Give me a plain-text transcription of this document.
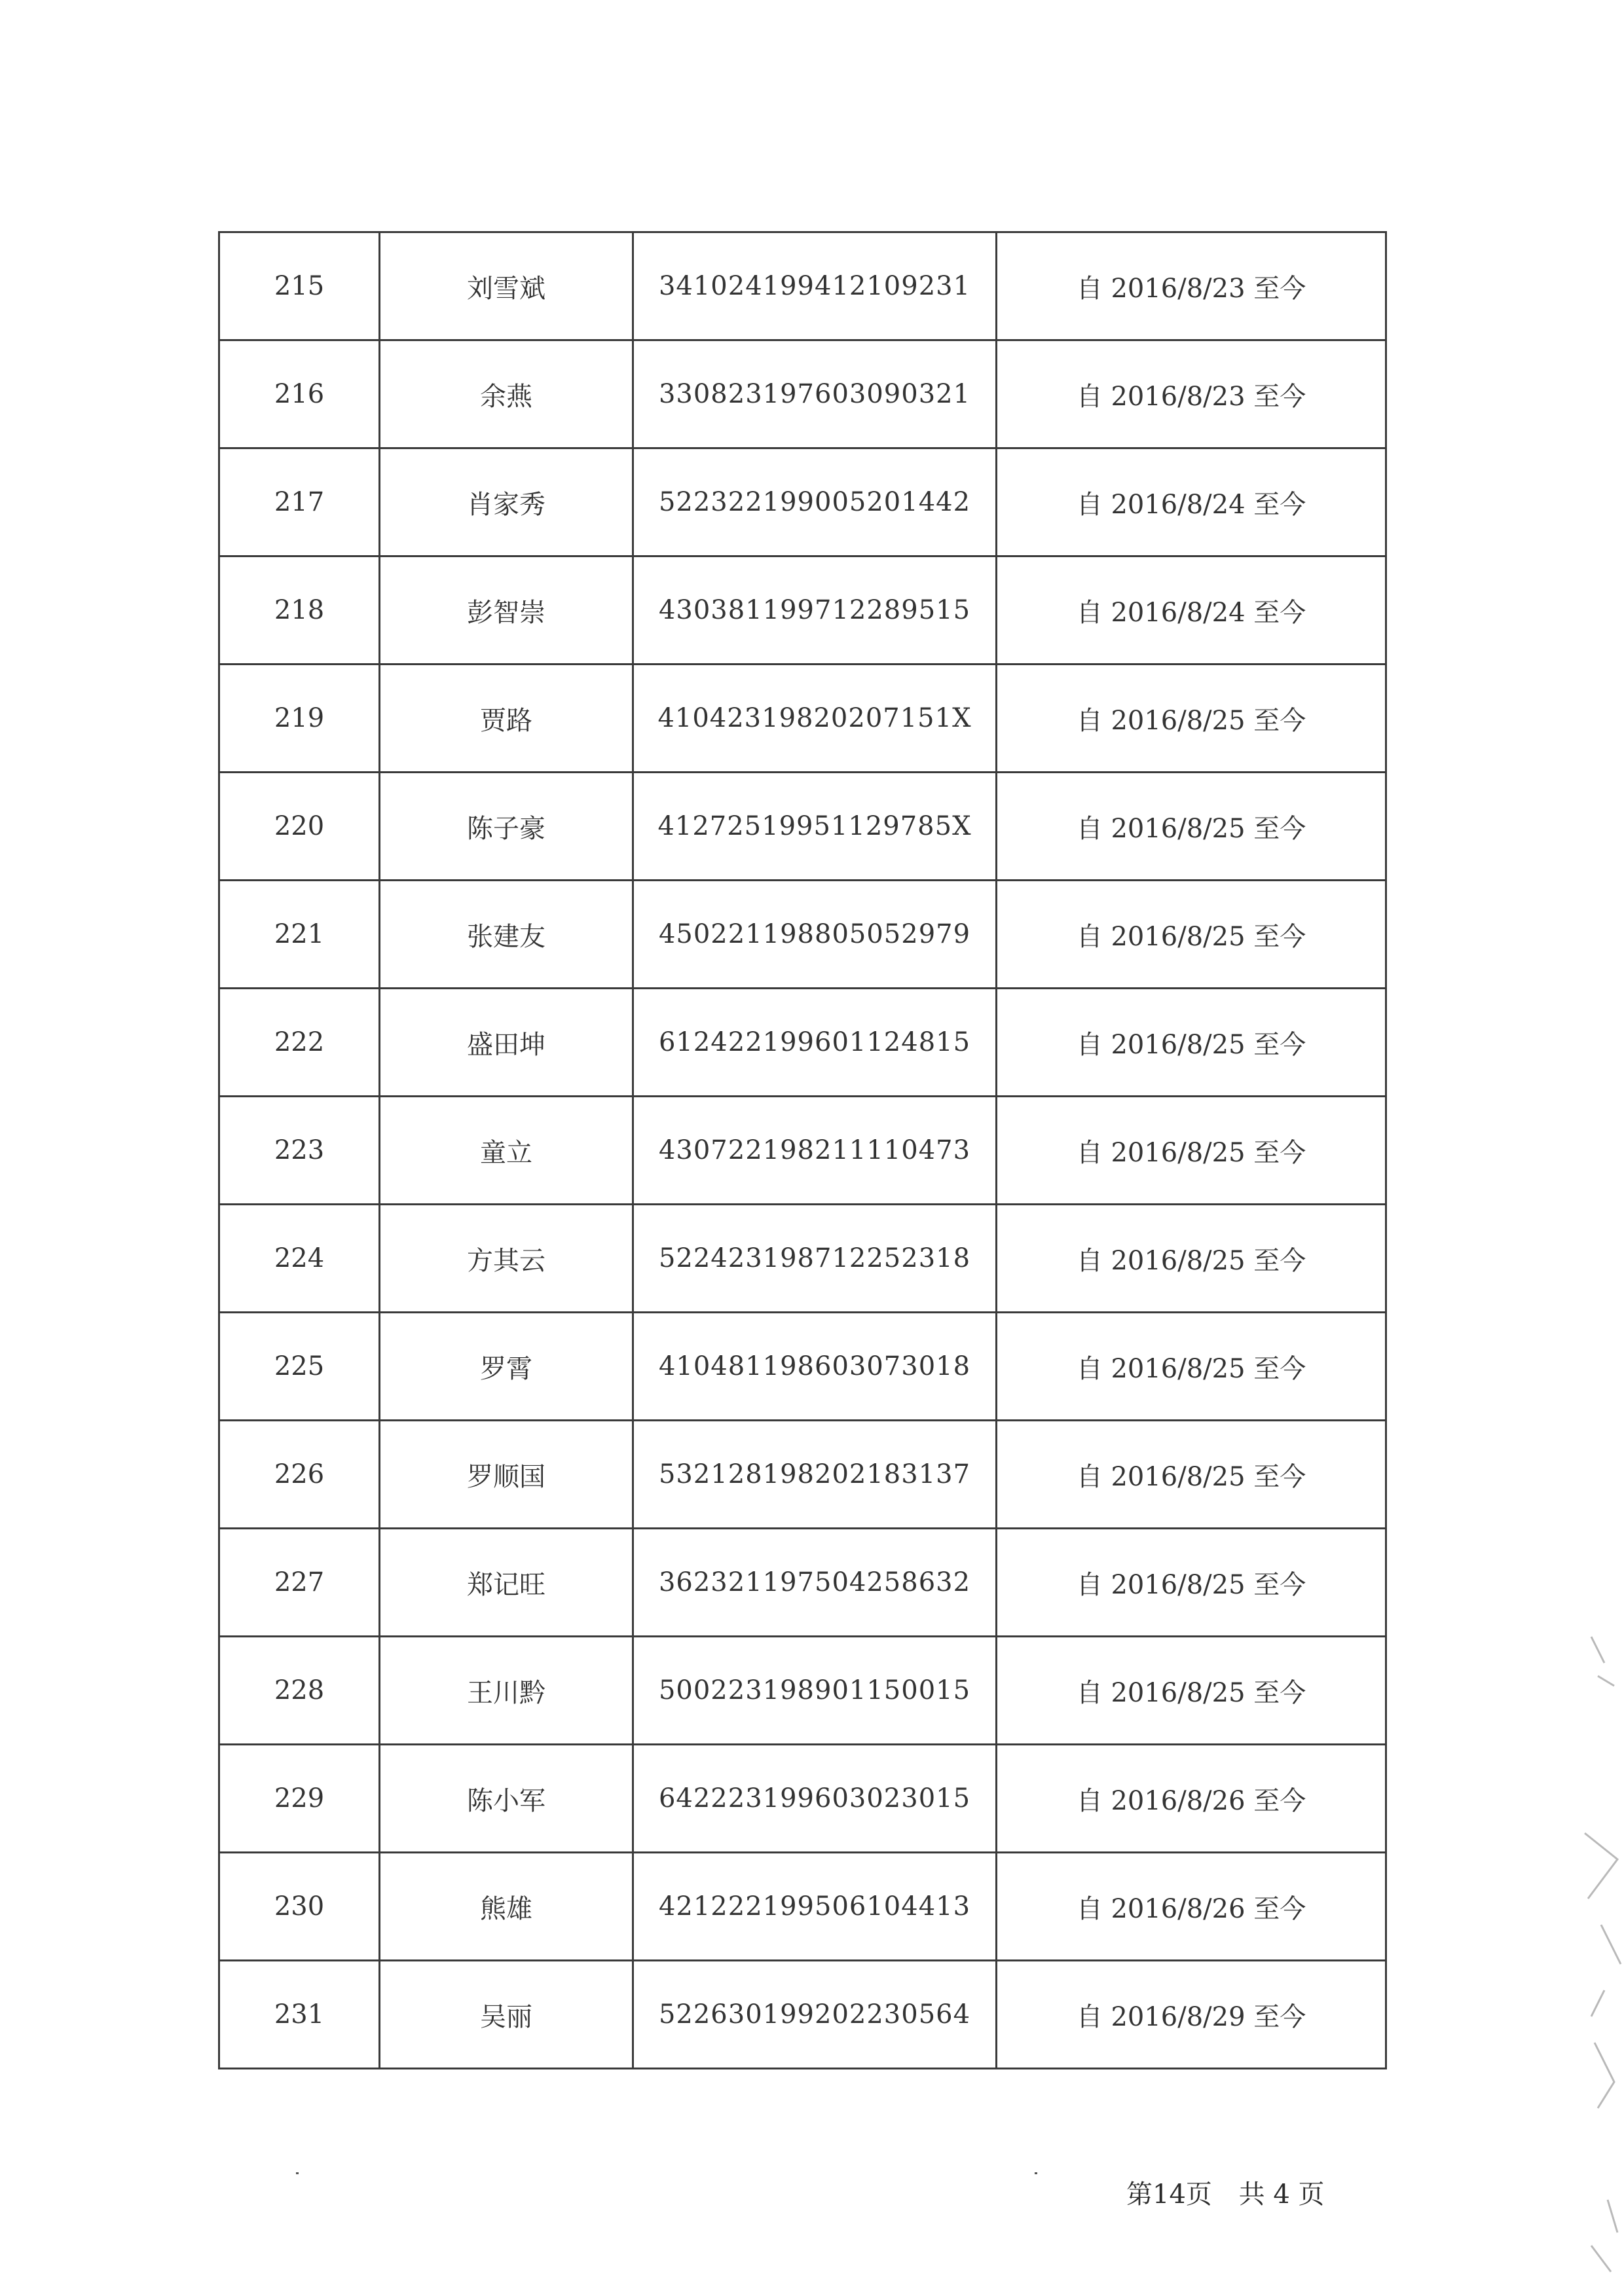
215	刘雪斌	341024199412109231	自 2016/8/23 至今
216	余燕	330823197603090321	自 2016/8/23 至今
217	肖家秀	522322199005201442	自 2016/8/24 至今
218	彭智崇	430381199712289515	自 2016/8/24 至今
219	贾路	41042319820207151X	自 2016/8/25 至今
220	陈子豪	41272519951129785X	自 2016/8/25 至今
221	张建友	450221198805052979	自 2016/8/25 至今
222	盛田坤	612422199601124815	自 2016/8/25 至今
223	童立	430722198211110473	自 2016/8/25 至今
224	方其云	522423198712252318	自 2016/8/25 至今
225	罗霄	410481198603073018	自 2016/8/25 至今
226	罗顺国	532128198202183137	自 2016/8/25 至今
227	郑记旺	362321197504258632	自 2016/8/25 至今
228	王川黔	500223198901150015	自 2016/8/25 至今
229	陈小军	642223199603023015	自 2016/8/26 至今
230	熊雄	421222199506104413	自 2016/8/26 至今
231	吴丽	522630199202230564	自 2016/8/29 至今
第14页 共 4 页
